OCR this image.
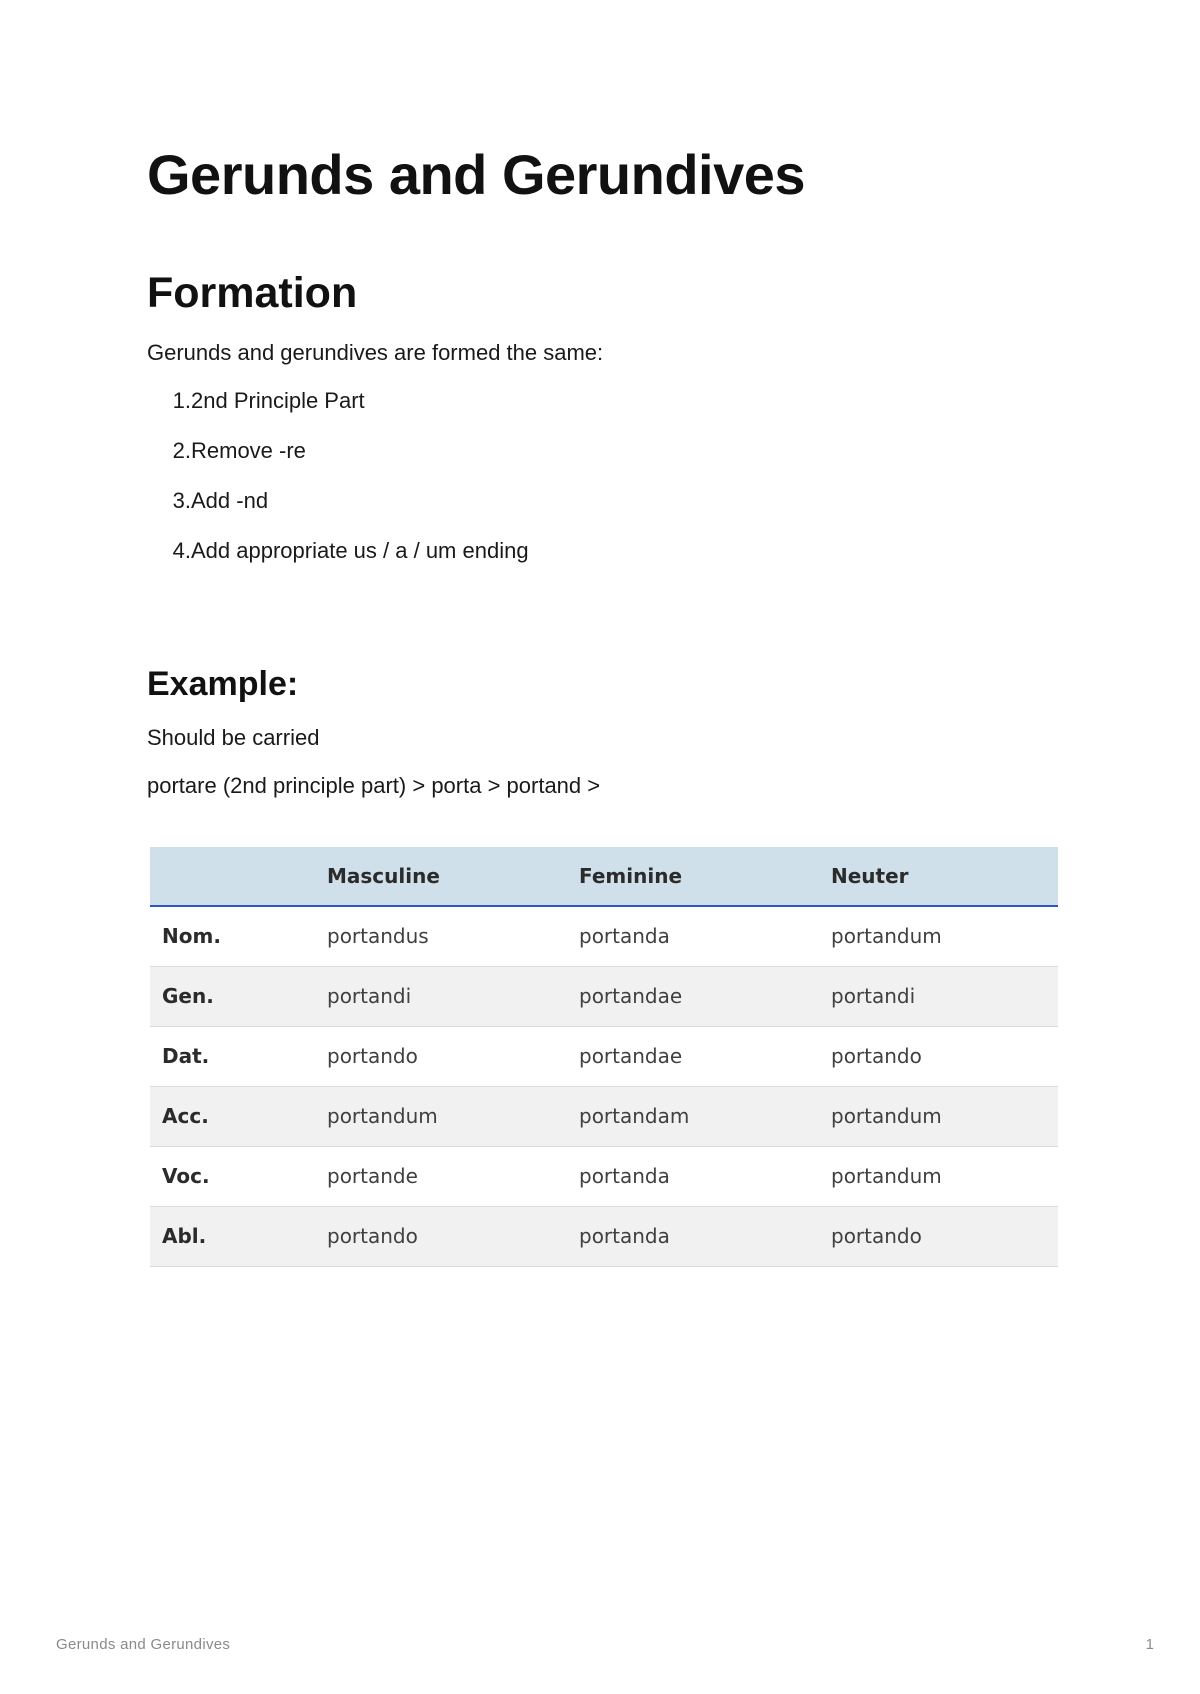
Gerunds and Gerundives
Formation

Gerunds and gerundives are formed the same:

1. 2nd Principle Part
2. Remove -re
3. Add -nd
4. Add appropriate us / a / um ending
Example:

Should be carried

portare (2nd principle part) > porta > portand >

	Masculine	Feminine	Neuter
Nom.	portandus	portanda	portandum
Gen.	portandi	portandae	portandi
Dat.	portando	portandae	portando
Acc.	portandum	portandam	portandum
Voc.	portande	portanda	portandum
Abl.	portando	portanda	portando
Gerunds and Gerundives	1
